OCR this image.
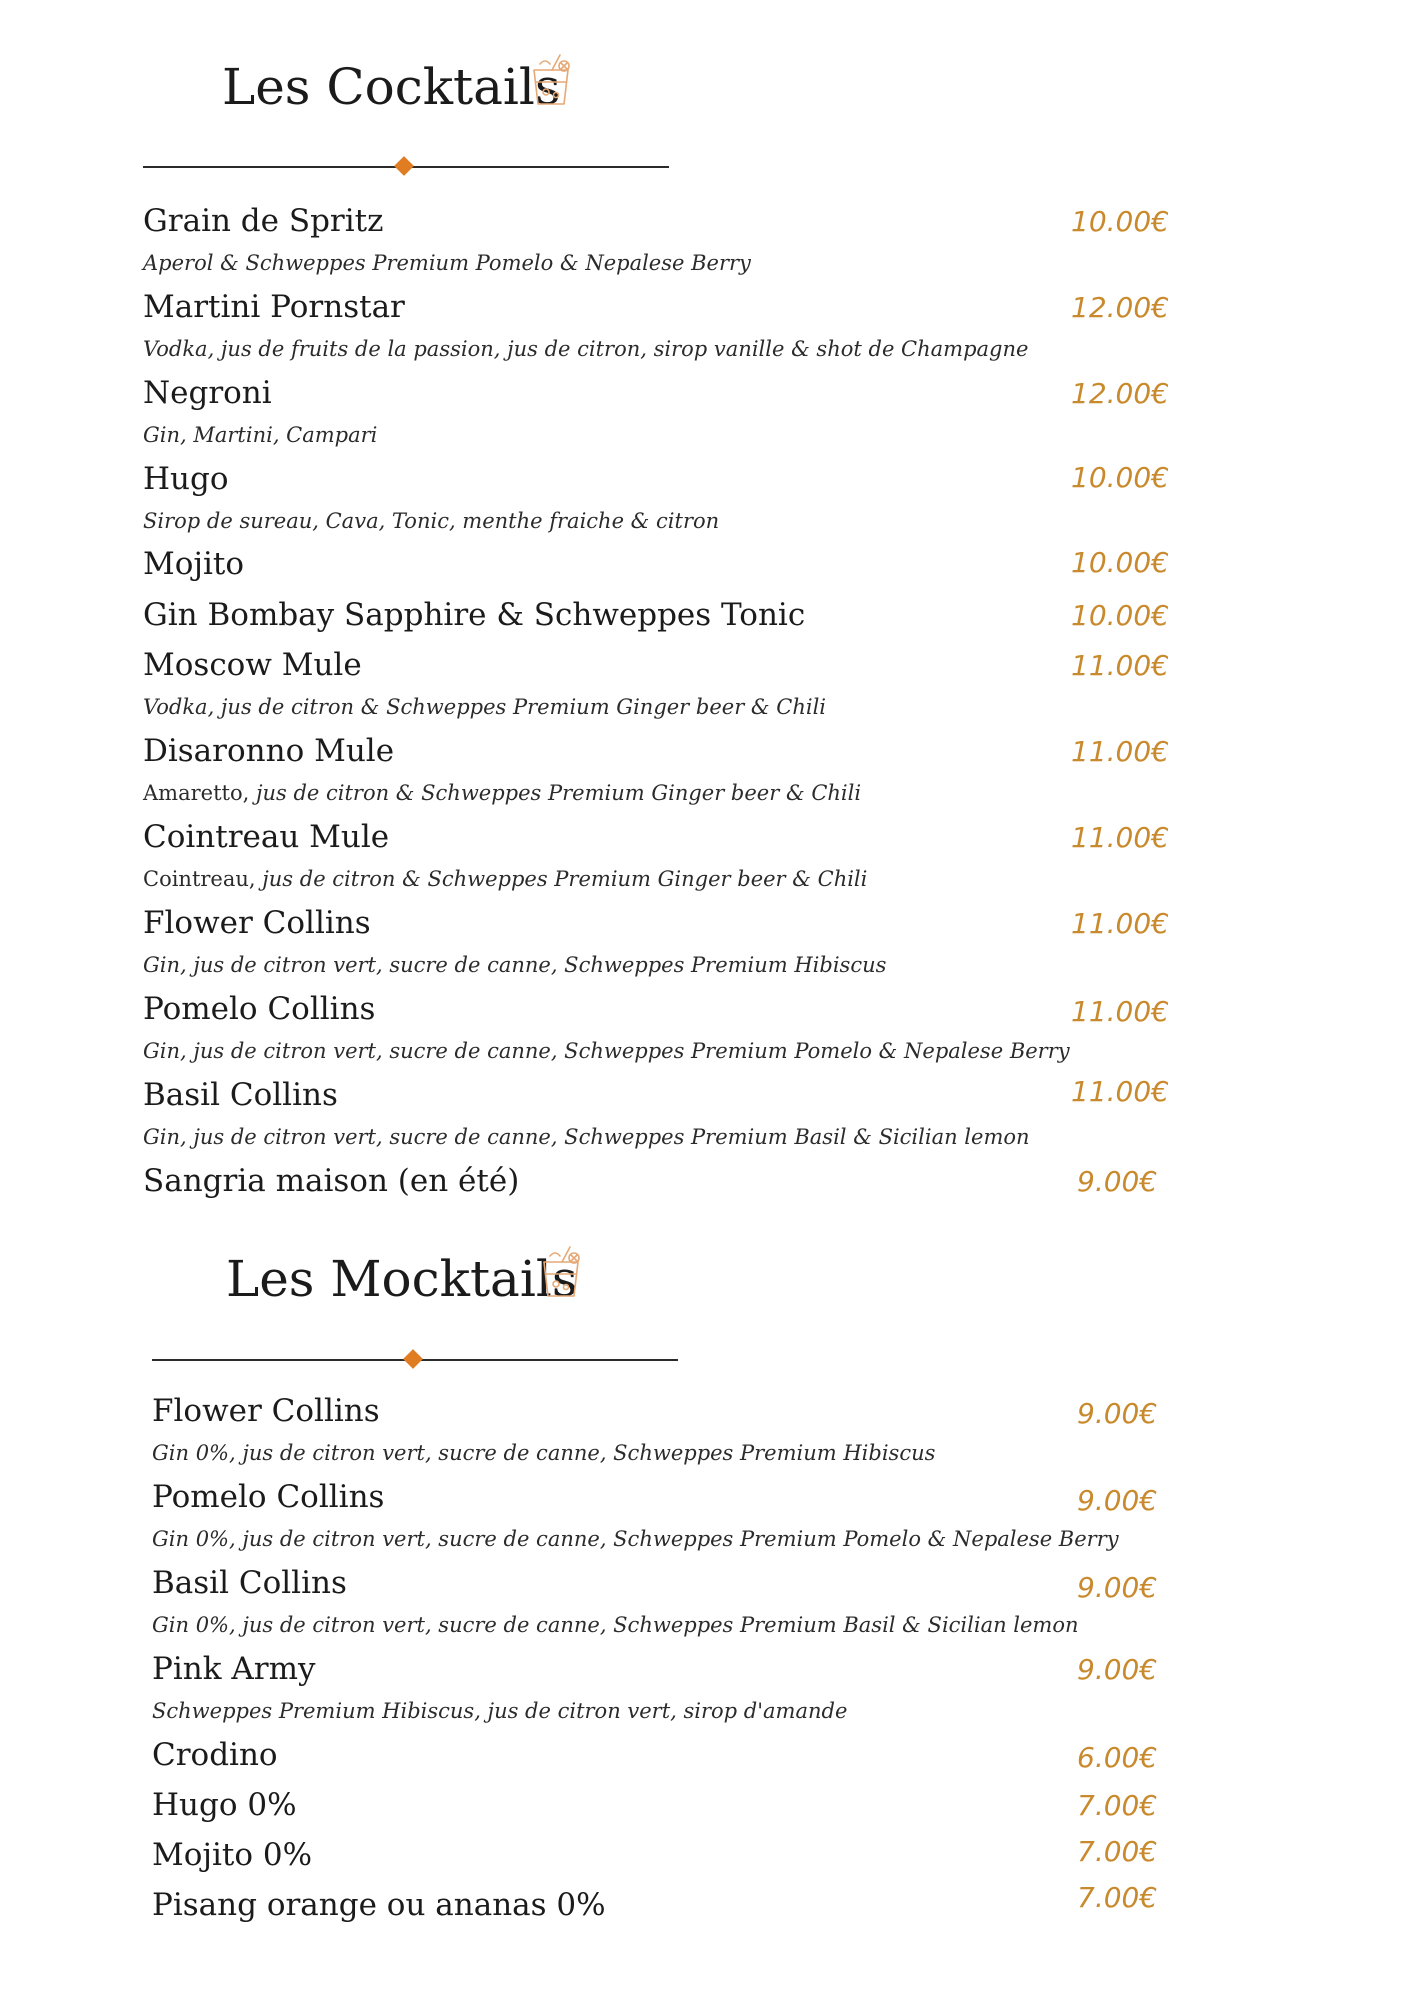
Les Cocktails
Grain de Spritz	10.00€
Aperol & Schweppes Premium Pomelo & Nepalese Berry
Martini Pornstar	12.00€
Vodka, jus de fruits de la passion, jus de citron, sirop vanille & shot de Champagne
Negroni	12.00€
Gin, Martini, Campari
Hugo	10.00€
Sirop de sureau, Cava, Tonic, menthe fraiche & citron
Mojito	10.00€
Gin Bombay Sapphire & Schweppes Tonic	10.00€
Moscow Mule	11.00€
Vodka, jus de citron & Schweppes Premium Ginger beer & Chili
Disaronno Mule	11.00€
Amaretto, jus de citron & Schweppes Premium Ginger beer & Chili
Cointreau Mule	11.00€
Cointreau, jus de citron & Schweppes Premium Ginger beer & Chili
Flower Collins	11.00€
Gin, jus de citron vert, sucre de canne, Schweppes Premium Hibiscus
Pomelo Collins	11.00€
Gin, jus de citron vert, sucre de canne, Schweppes Premium Pomelo & Nepalese Berry
Basil Collins	11.00€
Gin, jus de citron vert, sucre de canne, Schweppes Premium Basil & Sicilian lemon
Sangria maison (en été)	9.00€
Les Mocktails
Flower Collins	9.00€
Gin 0%, jus de citron vert, sucre de canne, Schweppes Premium Hibiscus
Pomelo Collins	9.00€
Gin 0%, jus de citron vert, sucre de canne, Schweppes Premium Pomelo & Nepalese Berry
Basil Collins	9.00€
Gin 0%, jus de citron vert, sucre de canne, Schweppes Premium Basil & Sicilian lemon
Pink Army	9.00€
Schweppes Premium Hibiscus, jus de citron vert, sirop d'amande
Crodino	6.00€
Hugo 0%	7.00€
Mojito 0%	7.00€
Pisang orange ou ananas 0%	7.00€
